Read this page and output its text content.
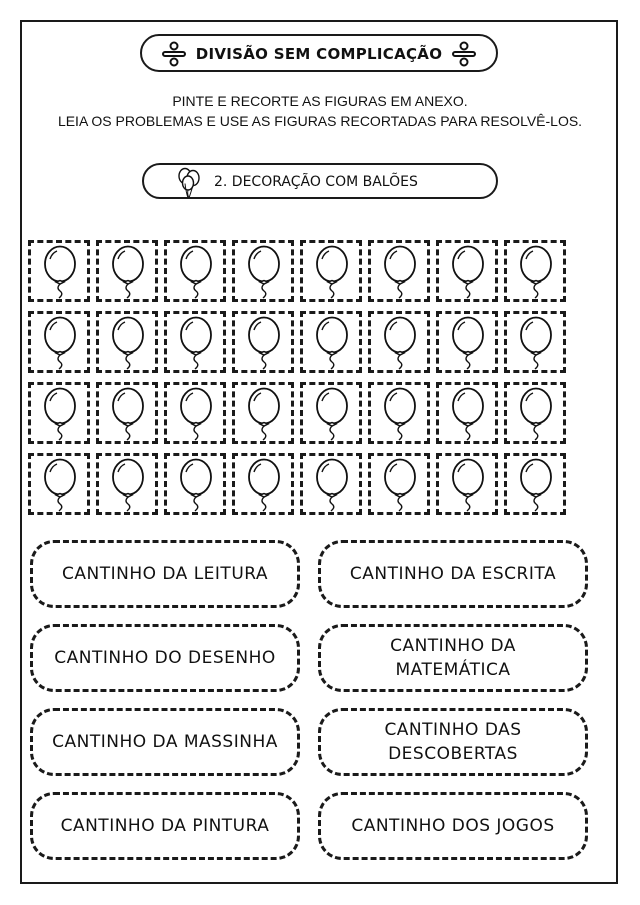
DIVISÃO SEM COMPLICAÇÃO
PINTE E RECORTE AS FIGURAS EM ANEXO.
LEIA OS PROBLEMAS E USE AS FIGURAS RECORTADAS PARA RESOLVÊ-LOS.
2. DECORAÇÃO COM BALÕES
CANTINHO DA LEITURA	CANTINHO DA ESCRITA
CANTINHO DO DESENHO
CANTINHO DA MATEMÁTICA
CANTINHO DA MASSINHA
CANTINHO DAS DESCOBERTAS
CANTINHO DA PINTURA	CANTINHO DOS JOGOS
